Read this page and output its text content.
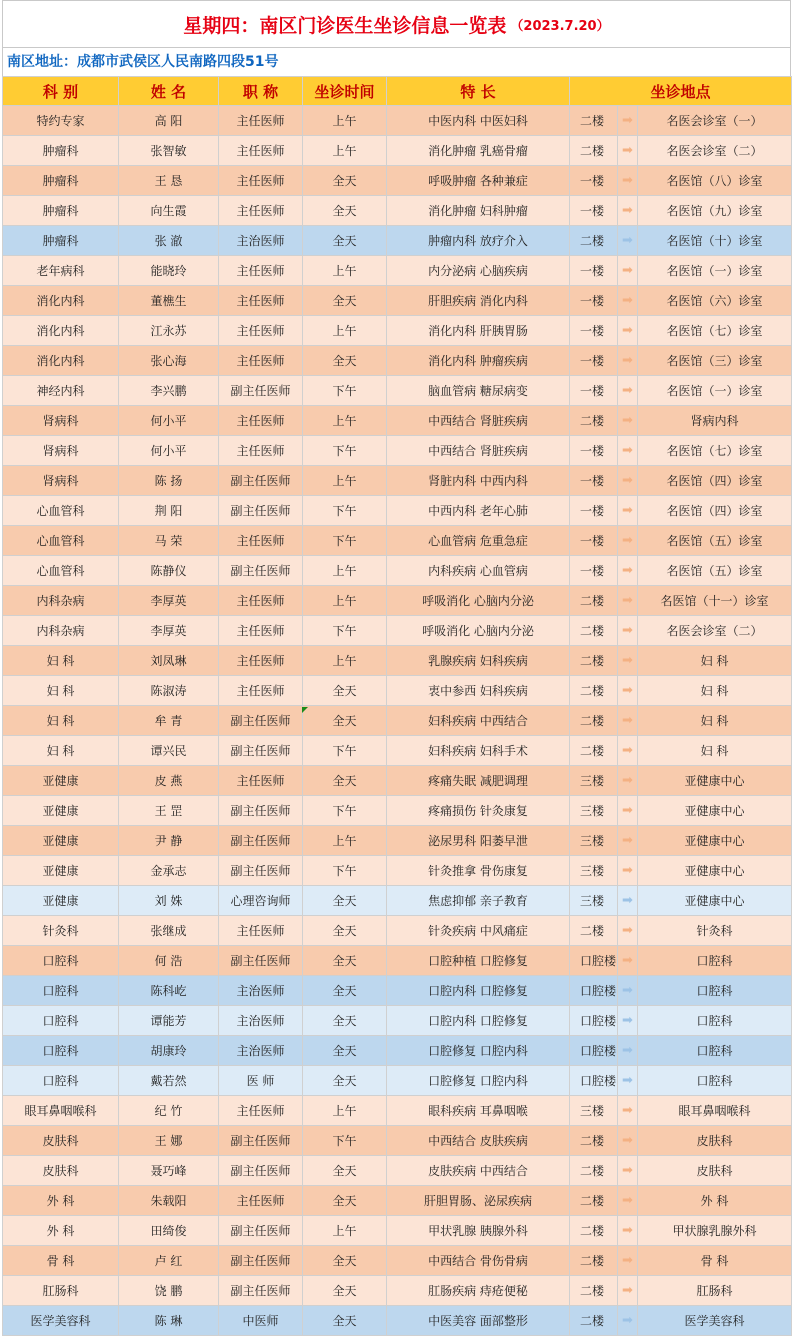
星期四：南区门诊医生坐诊信息一览表 （2023.7.20）
南区地址：成都市武侯区人民南路四段51号
科 别	姓 名	职 称	坐诊时间	特 长	坐诊地点		
特约专家	高 阳	主任医师	上午	中医内科 中医妇科	二楼	➡	名医会诊室（一）
肿瘤科	张智敏	主任医师	上午	消化肿瘤 乳癌骨瘤	二楼	➡	名医会诊室（二）
肿瘤科	王 恳	主任医师	全天	呼吸肿瘤 各种兼症	一楼	➡	名医馆（八）诊室
肿瘤科	向生霞	主任医师	全天	消化肿瘤 妇科肿瘤	一楼	➡	名医馆（九）诊室
肿瘤科	张 澈	主治医师	全天	肿瘤内科 放疗介入	二楼	➡	名医馆（十）诊室
老年病科	能晓玲	主任医师	上午	内分泌病 心脑疾病	一楼	➡	名医馆（一）诊室
消化内科	董樵生	主任医师	全天	肝胆疾病 消化内科	一楼	➡	名医馆（六）诊室
消化内科	江永苏	主任医师	上午	消化内科 肝胰胃肠	一楼	➡	名医馆（七）诊室
消化内科	张心海	主任医师	全天	消化内科 肿瘤疾病	一楼	➡	名医馆（三）诊室
神经内科	李兴鹏	副主任医师	下午	脑血管病 糖尿病变	一楼	➡	名医馆（一）诊室
肾病科	何小平	主任医师	上午	中西结合 肾脏疾病	二楼	➡	肾病内科
肾病科	何小平	主任医师	下午	中西结合 肾脏疾病	一楼	➡	名医馆（七）诊室
肾病科	陈 扬	副主任医师	上午	肾脏内科 中西内科	一楼	➡	名医馆（四）诊室
心血管科	荆 阳	副主任医师	下午	中西内科 老年心肺	一楼	➡	名医馆（四）诊室
心血管科	马 荣	主任医师	下午	心血管病 危重急症	一楼	➡	名医馆（五）诊室
心血管科	陈静仪	副主任医师	上午	内科疾病 心血管病	一楼	➡	名医馆（五）诊室
内科杂病	李厚英	主任医师	上午	呼吸消化 心脑内分泌	二楼	➡	名医馆（十一）诊室
内科杂病	李厚英	主任医师	下午	呼吸消化 心脑内分泌	二楼	➡	名医会诊室（二）
妇 科	刘凤琳	主任医师	上午	乳腺疾病 妇科疾病	二楼	➡	妇 科
妇 科	陈淑涛	主任医师	全天	衷中参西 妇科疾病	二楼	➡	妇 科
妇 科	牟 青	副主任医师	全天	妇科疾病 中西结合	二楼	➡	妇 科
妇 科	谭兴民	副主任医师	下午	妇科疾病 妇科手术	二楼	➡	妇 科
亚健康	皮 燕	主任医师	全天	疼痛失眠 减肥调理	三楼	➡	亚健康中心
亚健康	王 罡	副主任医师	下午	疼痛损伤 针灸康复	三楼	➡	亚健康中心
亚健康	尹 静	副主任医师	上午	泌尿男科 阳萎早泄	三楼	➡	亚健康中心
亚健康	金承志	副主任医师	下午	针灸推拿 骨伤康复	三楼	➡	亚健康中心
亚健康	刘 姝	心理咨询师	全天	焦虑抑郁 亲子教育	三楼	➡	亚健康中心
针灸科	张继成	主任医师	全天	针灸疾病 中风痛症	二楼	➡	针灸科
口腔科	何 浩	副主任医师	全天	口腔种植 口腔修复	口腔楼	➡	口腔科
口腔科	陈科屹	主治医师	全天	口腔内科 口腔修复	口腔楼	➡	口腔科
口腔科	谭能芳	主治医师	全天	口腔内科 口腔修复	口腔楼	➡	口腔科
口腔科	胡康玲	主治医师	全天	口腔修复 口腔内科	口腔楼	➡	口腔科
口腔科	戴若然	医 师	全天	口腔修复 口腔内科	口腔楼	➡	口腔科
眼耳鼻咽喉科	纪 竹	主任医师	上午	眼科疾病 耳鼻咽喉	三楼	➡	眼耳鼻咽喉科
皮肤科	王 娜	副主任医师	下午	中西结合 皮肤疾病	二楼	➡	皮肤科
皮肤科	聂巧峰	副主任医师	全天	皮肤疾病 中西结合	二楼	➡	皮肤科
外 科	朱载阳	主任医师	全天	肝胆胃肠、泌尿疾病	二楼	➡	外 科
外 科	田绮俊	副主任医师	上午	甲状乳腺 胰腺外科	二楼	➡	甲状腺乳腺外科
骨 科	卢 红	副主任医师	全天	中西结合 骨伤骨病	二楼	➡	骨 科
肛肠科	饶 鹏	副主任医师	全天	肛肠疾病 痔疮便秘	二楼	➡	肛肠科
医学美容科	陈 琳	中医师	全天	中医美容 面部整形	二楼	➡	医学美容科
